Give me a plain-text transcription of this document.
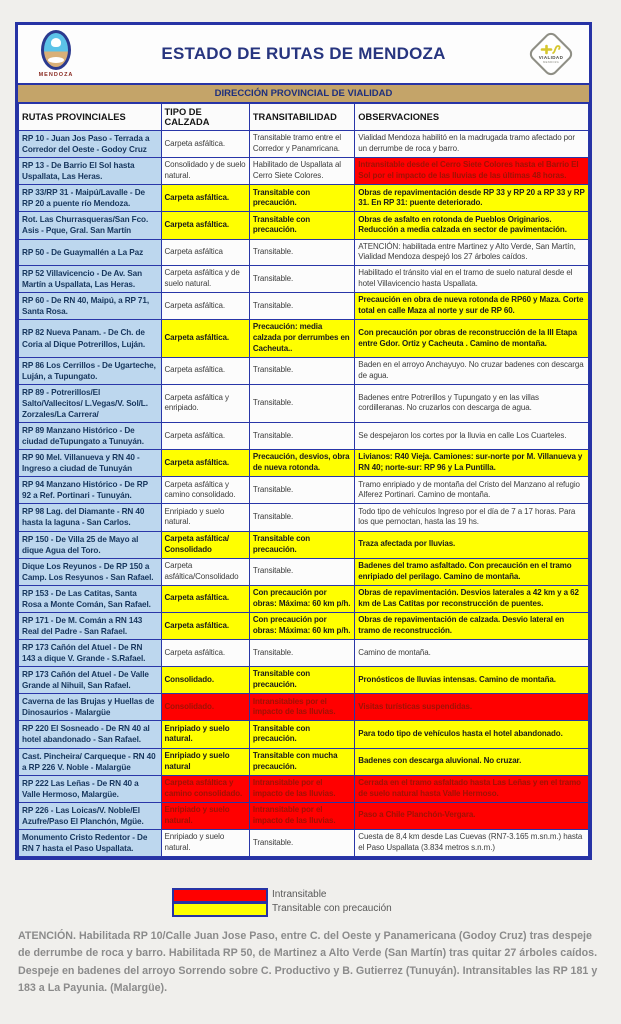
MENDOZA
ESTADO DE RUTAS DE MENDOZA	VIALIDAD
MENDOZA
DIRECCIÓN PROVINCIAL DE VIALIDAD
RUTAS PROVINCIALES	TIPO DE CALZADA	TRANSITABILIDAD	OBSERVACIONES
RP 10 - Juan Jos Paso - Terrada a Corredor del Oeste - Godoy Cruz	Carpeta asfáltica.	Transitable tramo entre el Corredor y Panamricana.	Vialidad Mendoza habilitó en la madrugada tramo afectado por un derrumbe de roca y barro.
RP 13 - De Barrio El Sol hasta Uspallata, Las Heras.	Consolidado y de suelo natural.	Habilitado de Uspallata al Cerro Siete Colores.	Intransitable desde el Cerro Siete Colores hasta el Barrio El Sol por el impacto de las lluvias de las últimas 48 horas.
RP 33/RP 31 - Maipú/Lavalle - De RP 20 a puente río Mendoza.	Carpeta asfáltica.	Transitable con precaución.	Obras de repavimentación desde RP 33 y RP 20 a RP 33 y RP 31. En RP 31: puente deteriorado.
Rot. Las Churrasqueras/San Fco. Asis - Pque, Gral. San Martín	Carpeta asfáltica.	Transitable con precaución.	Obras de asfalto en rotonda de Pueblos Originarios. Reducción a media calzada en sector de pavimentación.
RP 50 - De Guaymallén a La Paz	Carpeta asfáltica	Transitable.	ATENCIÓN: habilitada entre Martinez y Alto Verde, San Martín, Vialidad Mendoza despejó los 27 árboles caídos.
RP 52 Villavicencio - De Av. San Martín a Uspallata, Las Heras.	Carpeta asfáltica y de suelo natural.	Transitable.	Habilitado el tránsito vial en el tramo de suelo natural desde el hotel Villavicencio hasta Uspallata.
RP 60 - De RN 40, Maipú, a RP 71, Santa Rosa.	Carpeta asfáltica.	Transitable.	Precaución en obra de nueva rotonda de RP60 y Maza. Corte total en calle Maza al norte y sur de RP 60.
RP 82 Nueva Panam. - De Ch. de Coria al Dique Potrerillos, Luján.	Carpeta asfáltica.	Precaución: media calzada por derrumbes en Cacheuta..	Con precaución por obras de reconstrucción de la III Etapa entre Gdor. Ortiz y Cacheuta . Camino de montaña.
RP 86 Los Cerrillos - De Ugarteche, Luján, a Tupungato.	Carpeta asfáltica.	Transitable.	Baden en el arroyo Anchayuyo. No cruzar badenes con descarga de agua.
RP 89 - Potrerillos/El Salto/Vallecitos/ L.Vegas/V. Sol/L. Zorzales/La Carrera/	Carpeta asfáltica y enripiado.	Transitable.	Badenes entre Potrerillos y Tupungato y en las villas cordilleranas. No cruzarlos con descarga de agua.
RP 89 Manzano Histórico - De ciudad deTupungato a Tunuyán.	Carpeta asfáltica.	Transitable.	Se despejaron los cortes por la lluvia en calle Los Cuarteles.
RP 90 Mel. Villanueva y RN 40 - Ingreso a ciudad de Tunuyán	Carpeta asfáltica.	Precaución, desvios, obra de nueva rotonda.	Livianos: R40 Vieja. Camiones: sur-norte por M. Villanueva y RN 40; norte-sur: RP 96 y La Puntilla.
RP 94 Manzano Histórico - De RP 92 a Ref. Portinari - Tunuyán.	Carpeta asfáltica y camino consolidado.	Transitable.	Tramo enripiado y de montaña del Cristo del Manzano al refugio Alferez Portinari. Camino de montaña.
RP 98 Lag. del Diamante - RN 40 hasta la laguna - San Carlos.	Enripiado y suelo natural.	Transitable.	Todo tipo de vehículos Ingreso por el día de 7 a 17 horas. Para los que pernoctan, hasta las 19 hs.
RP 150 - De Villa 25 de Mayo al dique Agua del Toro.	Carpeta asfáltica/ Consolidado	Transitable con precaución.	Traza afectada por lluvias.
Dique Los Reyunos - De RP 150 a Camp. Los Resyunos - San Rafael.	Carpeta asfáltica/Consolidado	Transitable.	Badenes del tramo asfaltado. Con precaución en el tramo enripiado del perilago. Camino de montaña.
RP 153 - De Las Catitas, Santa Rosa a Monte Comán, San Rafael.	Carpeta asfáltica.	Con precaución por obras: Máxima: 60 km p/h.	Obras de repavimentación. Desvios laterales a 42 km y a 62 km de Las Catitas por reconstrucción de puentes.
RP 171 - De M. Comán a RN 143 Real del Padre - San Rafael.	Carpeta asfáltica.	Con precaución por obras: Máxima: 60 km p/h.	Obras de repavimentación de calzada. Desvio lateral en tramo de reconstrucción.
RP 173 Cañón del Atuel - De RN 143 a dique V. Grande - S.Rafael.	Carpeta asfáltica.	Transitable.	Camino de montaña.
RP 173 Cañón del Atuel - De Valle Grande al Nihuil, San Rafael.	Consolidado.	Transitable con precaución.	Pronósticos de lluvias intensas. Camino de montaña.
Caverna de las Brujas y Huellas de Dinosaurios - Malargüe	Consolidado.	Intransitables por el impacto de las lluvias.	Visitas turísticas suspendidas.
RP 220 El Sosneado - De RN 40 al hotel abandonado - San Rafael.	Enripiado y suelo natural.	Transitable con precaución.	Para todo tipo de vehículos hasta el hotel abandonado.
Cast. Pincheira/ Carqueque - RN 40 a RP 226 V. Noble - Malargüe	Enripiado y suelo natural	Transitable con mucha precaución.	Badenes con descarga aluvional. No cruzar.
RP 222 Las Leñas - De RN 40 a Valle Hermoso, Malargüe.	Carpeta asfáltica y camino consolidado.	Intransitable por el impacto de las lluvias.	Cerrada en el tramo asfaltado hasta Las Leñas y en el tramo de suelo natural hasta Valle Hermoso.
RP 226 - Las Loicas/V. Noble/El Azufre/Paso El Planchón, Mgüe.	Enripiado y suelo natural.	Intransitable por el impacto de las lluvias.	Paso a Chile Planchón-Vergara.
Monumento Cristo Redentor - De RN 7 hasta el Paso Uspallata.	Enripiado y suelo natural.	Transitable.	Cuesta de 8,4 km desde Las Cuevas (RN7-3.165 m.sn.m.) hasta el Paso Uspallata (3.834 metros s.n.m.)
Intransitable
Transitable con precaución
ATENCIÓN. Habilitada RP 10/Calle Juan Jose Paso, entre C. del Oeste y Panamericana (Godoy Cruz) tras despeje de derrumbe de roca y barro. Habilitada RP 50, de Martinez a Alto Verde (San Martín) tras quitar 27 árboles caídos. Despeje en badenes del arroyo Sorrendo sobre C. Productivo y B. Gutierrez (Tunuyán). Intransitables las RP 181 y 183 a La Payunia. (Malargüe).
